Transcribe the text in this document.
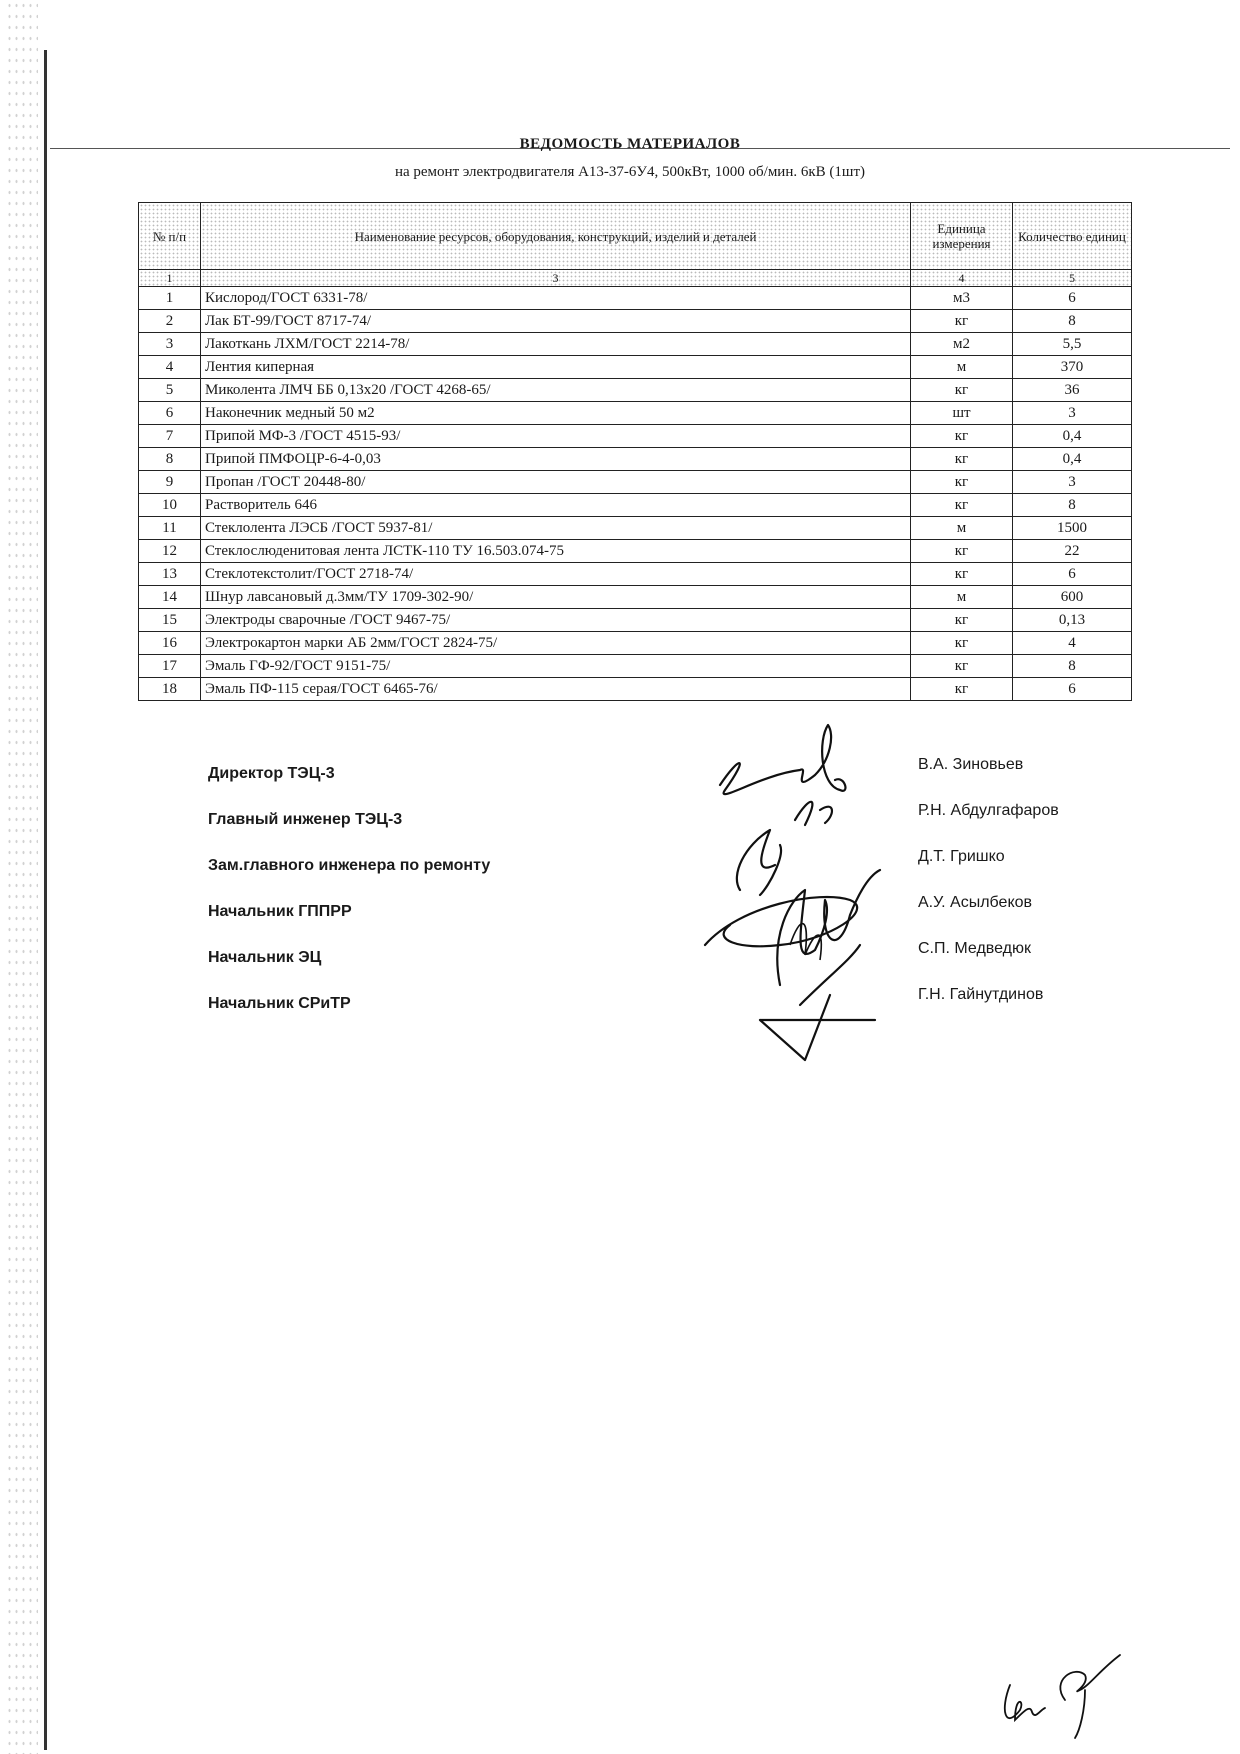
ВЕДОМОСТЬ МАТЕРИАЛОВ
на ремонт электродвигателя А13-37-6У4, 500кВт, 1000 об/мин. 6кВ (1шт)
№ п/п	Наименование ресурсов, оборудования, конструкций, изделий и деталей	Единица измерения	Количество единиц
1	3	4	5
1	Кислород/ГОСТ 6331-78/	м3	6
2	Лак БТ-99/ГОСТ 8717-74/	кг	8
3	Лакоткань ЛХМ/ГОСТ 2214-78/	м2	5,5
4	Лентия киперная	м	370
5	Миколента ЛМЧ ББ 0,13х20 /ГОСТ 4268-65/	кг	36
6	Наконечник медный 50 м2	шт	3
7	Припой МФ-3 /ГОСТ 4515-93/	кг	0,4
8	Припой ПМФОЦР-6-4-0,03	кг	0,4
9	Пропан /ГОСТ 20448-80/	кг	3
10	Растворитель 646	кг	8
11	Стеклолента ЛЭСБ /ГОСТ 5937-81/	м	1500
12	Стеклослюденитовая лента ЛСТК-110 ТУ 16.503.074-75	кг	22
13	Стеклотекстолит/ГОСТ 2718-74/	кг	6
14	Шнур лавсановый д.3мм/ТУ 1709-302-90/	м	600
15	Электроды сварочные /ГОСТ 9467-75/	кг	0,13
16	Электрокартон марки АБ 2мм/ГОСТ 2824-75/	кг	4
17	Эмаль ГФ-92/ГОСТ 9151-75/	кг	8
18	Эмаль ПФ-115 серая/ГОСТ 6465-76/	кг	6
Директор ТЭЦ-3
Главный инженер ТЭЦ-3
Зам.главного инженера по ремонту
Начальник ГППРР
Начальник ЭЦ
Начальник СРиТР
В.А. Зиновьев
Р.Н. Абдулгафаров
Д.Т. Гришко
А.У. Асылбеков
С.П. Медведюк
Г.Н. Гайнутдинов
